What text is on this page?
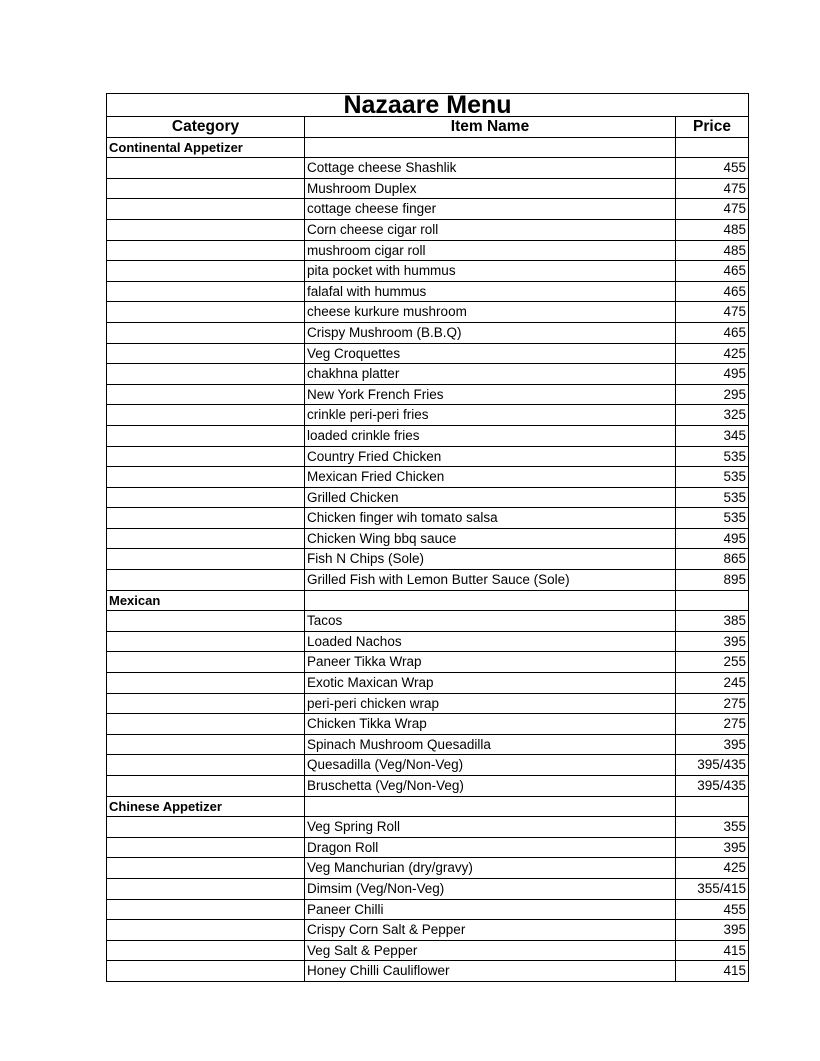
Nazaare Menu		
Category	Item Name	Price
Continental Appetizer		
	Cottage cheese Shashlik	455
	Mushroom Duplex	475
	cottage cheese finger	475
	Corn cheese cigar roll	485
	mushroom cigar roll	485
	pita pocket with hummus	465
	falafal with hummus	465
	cheese kurkure mushroom	475
	Crispy Mushroom (B.B.Q)	465
	Veg Croquettes	425
	chakhna platter	495
	New York French Fries	295
	crinkle peri-peri fries	325
	loaded crinkle fries	345
	Country Fried Chicken	535
	Mexican Fried Chicken	535
	Grilled Chicken	535
	Chicken finger wih tomato salsa	535
	Chicken Wing bbq sauce	495
	Fish N Chips (Sole)	865
	Grilled Fish with Lemon Butter Sauce (Sole)	895
Mexican		
	Tacos	385
	Loaded Nachos	395
	Paneer Tikka Wrap	255
	Exotic Maxican Wrap	245
	peri-peri chicken wrap	275
	Chicken Tikka Wrap	275
	Spinach Mushroom Quesadilla	395
	Quesadilla (Veg/Non-Veg)	395/435
	Bruschetta (Veg/Non-Veg)	395/435
Chinese Appetizer		
	Veg Spring Roll	355
	Dragon Roll	395
	Veg Manchurian (dry/gravy)	425
	Dimsim (Veg/Non-Veg)	355/415
	Paneer Chilli	455
	Crispy Corn Salt & Pepper	395
	Veg Salt & Pepper	415
	Honey Chilli Cauliflower	415
